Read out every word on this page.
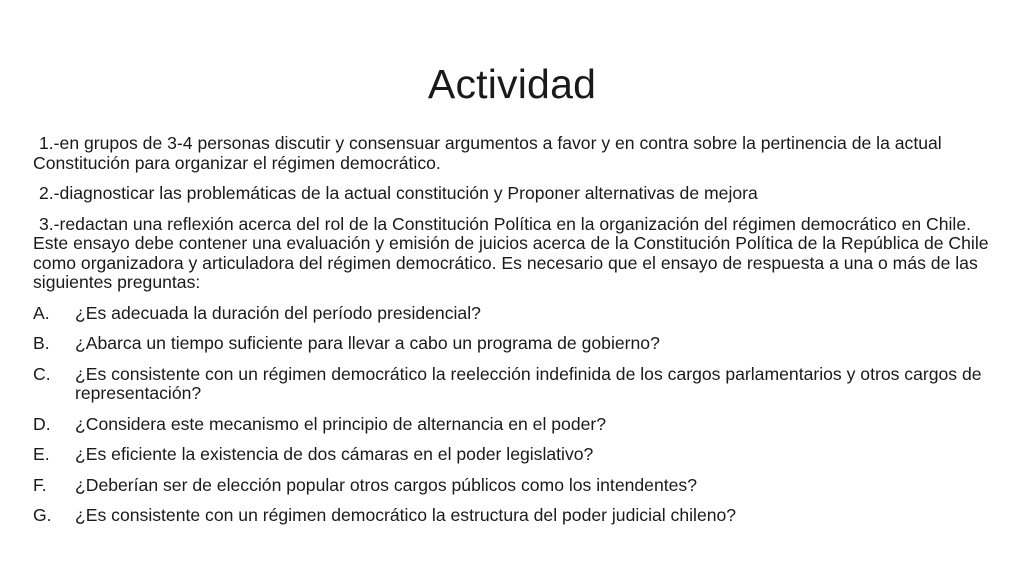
Actividad

1.-en grupos de 3-4 personas discutir y consensuar argumentos a favor y en contra sobre la pertinencia de la actual Constitución para organizar el régimen democrático.

2.-diagnosticar las problemáticas de la actual constitución y Proponer alternativas de mejora

3.-redactan una reflexión acerca del rol de la Constitución Política en la organización del régimen democrático en Chile. Este ensayo debe contener una evaluación y emisión de juicios acerca de la Constitución Política de la República de Chile como organizadora y articuladora del régimen democrático. Es necesario que el ensayo de respuesta a una o más de las siguientes preguntas:

A.	¿Es adecuada la duración del período presidencial?
B.	¿Abarca un tiempo suficiente para llevar a cabo un programa de gobierno?
C.	¿Es consistente con un régimen democrático la reelección indefinida de los cargos parlamentarios y otros cargos de representación?
D.	¿Considera este mecanismo el principio de alternancia en el poder?
E.	¿Es eficiente la existencia de dos cámaras en el poder legislativo?
F.	¿Deberían ser de elección popular otros cargos públicos como los intendentes?
G.	¿Es consistente con un régimen democrático la estructura del poder judicial chileno?
